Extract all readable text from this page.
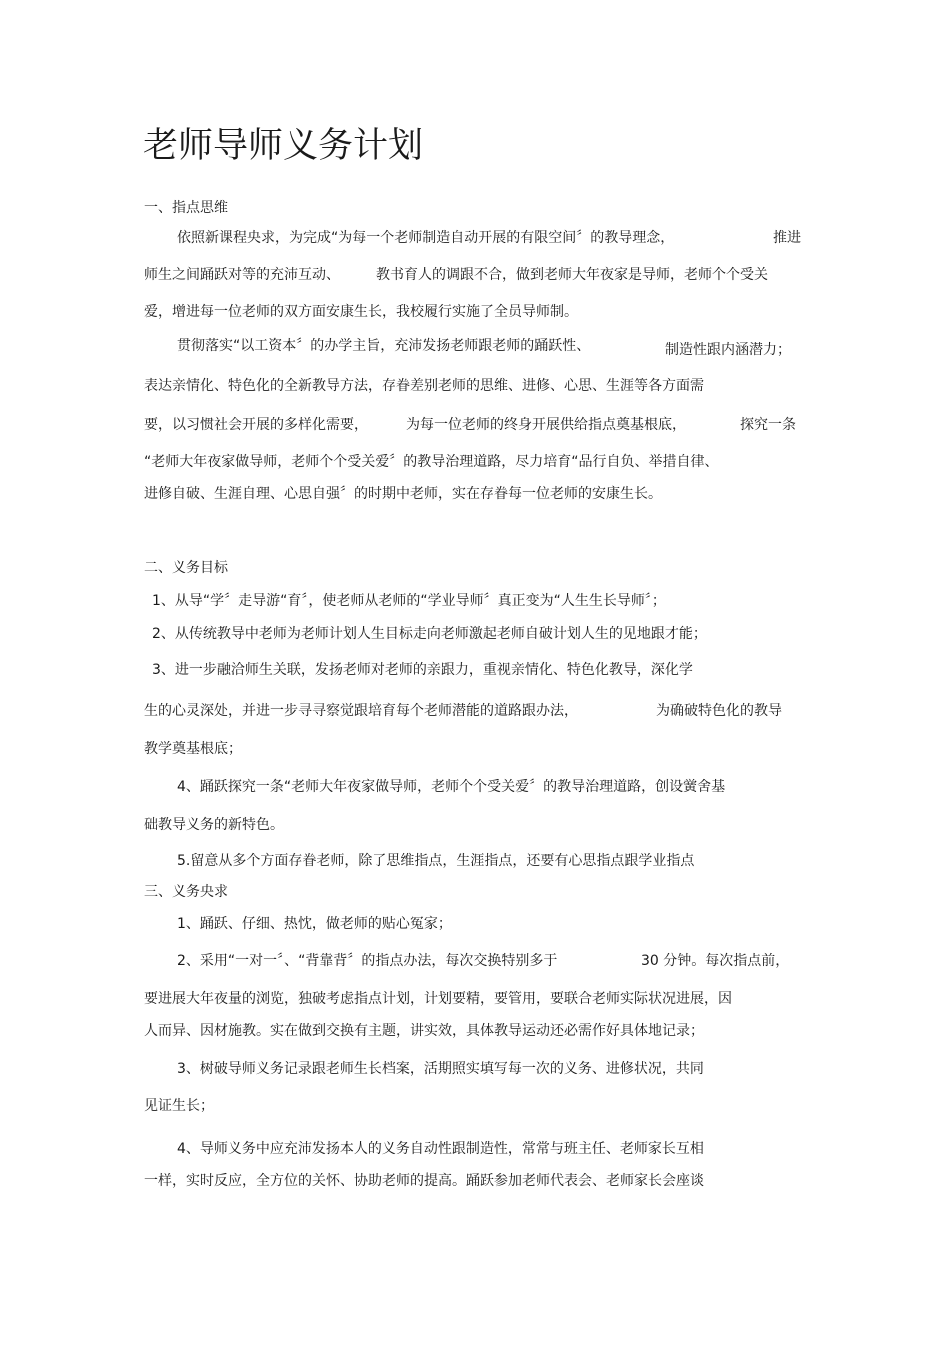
老师导师义务计划
一、指点思维
依照新课程央求，为完成“为每一个老师制造自动开展的有限空间〞的教导理念，	推进
师生之间踊跃对等的充沛互动、	教书育人的调跟不合，做到老师大年夜家是导师，老师个个受关
爱，增进每一位老师的双方面安康生长，我校履行实施了全员导师制。
贯彻落实“以工资本〞的办学主旨，充沛发扬老师跟老师的踊跃性、	制造性跟内涵潜力；
表达亲情化、特色化的全新教导方法，存眷差别老师的思维、进修、心思、生涯等各方面需
要，以习惯社会开展的多样化需要，	为每一位老师的终身开展供给指点奠基根底，	探究一条
“老师大年夜家做导师，老师个个受关爱〞的教导治理道路，尽力培育“品行自负、举措自律、
进修自破、生涯自理、心思自强〞的时期中老师，实在存眷每一位老师的安康生长。
二、义务目标
1、从导“学〞走导游“育〞，使老师从老师的“学业导师〞真正变为“人生生长导师〞；
2、从传统教导中老师为老师计划人生目标走向老师激起老师自破计划人生的见地跟才能；
3、进一步融洽师生关联，发扬老师对老师的亲跟力，重视亲情化、特色化教导，深化学
生的心灵深处，并进一步寻寻察觉跟培育每个老师潜能的道路跟办法，	为确破特色化的教导
教学奠基根底；
4、踊跃探究一条“老师大年夜家做导师，老师个个受关爱〞的教导治理道路，创设黉舍基
础教导义务的新特色。
5.留意从多个方面存眷老师，除了思维指点，生涯指点，还要有心思指点跟学业指点
三、义务央求
1、踊跃、仔细、热忱，做老师的贴心冤家；
2、采用“一对一〞、“背靠背〞的指点办法，每次交换特别多于	30 分钟。每次指点前，
要进展大年夜量的浏览，独破考虑指点计划，计划要精，要管用，要联合老师实际状况进展，因
人而异、因材施教。实在做到交换有主题，讲实效，具体教导运动还必需作好具体地记录；
3、树破导师义务记录跟老师生长档案，活期照实填写每一次的义务、进修状况，共同
见证生长；
4、导师义务中应充沛发扬本人的义务自动性跟制造性，常常与班主任、老师家长互相
一样，实时反应，全方位的关怀、协助老师的提高。踊跃参加老师代表会、老师家长会座谈
